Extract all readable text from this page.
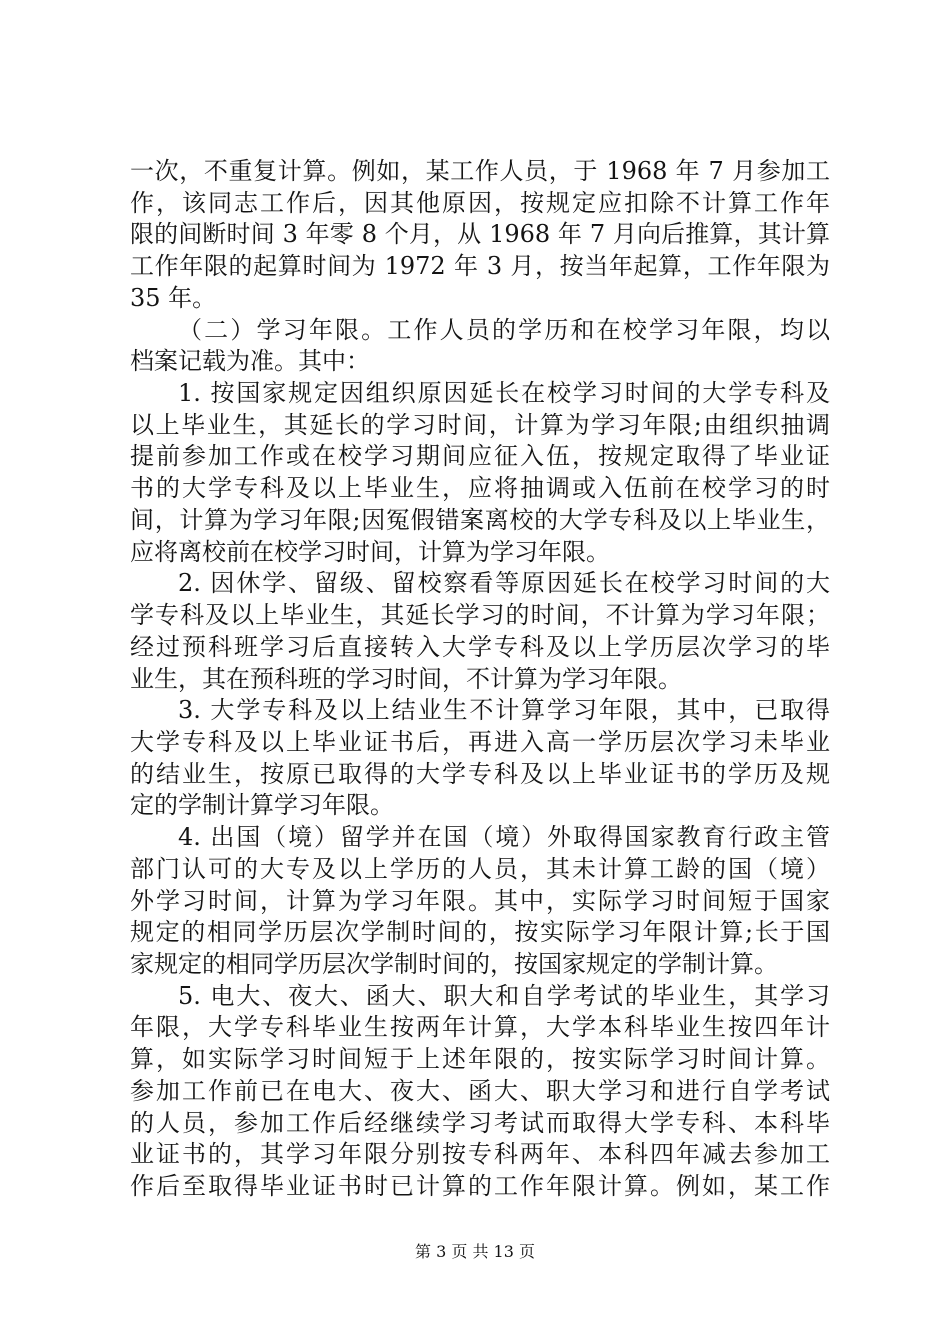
一次，不重复计算。例如，某工作人员，于 1968 年 7 月参加工
作，该同志工作后，因其他原因，按规定应扣除不计算工作年
限的间断时间 3 年零 8 个月，从 1968 年 7 月向后推算，其计算
工作年限的起算时间为 1972 年 3 月，按当年起算，工作年限为
35 年。
（二）学习年限。工作人员的学历和在校学习年限，均以
档案记载为准。其中：
1. 按国家规定因组织原因延长在校学习时间的大学专科及
以上毕业生，其延长的学习时间，计算为学习年限;由组织抽调
提前参加工作或在校学习期间应征入伍，按规定取得了毕业证
书的大学专科及以上毕业生，应将抽调或入伍前在校学习的时
间，计算为学习年限;因冤假错案离校的大学专科及以上毕业生，
应将离校前在校学习时间，计算为学习年限。
2. 因休学、留级、留校察看等原因延长在校学习时间的大
学专科及以上毕业生，其延长学习的时间，不计算为学习年限；
经过预科班学习后直接转入大学专科及以上学历层次学习的毕
业生，其在预科班的学习时间，不计算为学习年限。
3. 大学专科及以上结业生不计算学习年限，其中，已取得
大学专科及以上毕业证书后，再进入高一学历层次学习未毕业
的结业生，按原已取得的大学专科及以上毕业证书的学历及规
定的学制计算学习年限。
4. 出国（境）留学并在国（境）外取得国家教育行政主管
部门认可的大专及以上学历的人员，其未计算工龄的国（境）
外学习时间，计算为学习年限。其中，实际学习时间短于国家
规定的相同学历层次学制时间的，按实际学习年限计算;长于国
家规定的相同学历层次学制时间的，按国家规定的学制计算。
5. 电大、夜大、函大、职大和自学考试的毕业生，其学习
年限，大学专科毕业生按两年计算，大学本科毕业生按四年计
算，如实际学习时间短于上述年限的，按实际学习时间计算。
参加工作前已在电大、夜大、函大、职大学习和进行自学考试
的人员，参加工作后经继续学习考试而取得大学专科、本科毕
业证书的，其学习年限分别按专科两年、本科四年减去参加工
作后至取得毕业证书时已计算的工作年限计算。例如，某工作
第 3 页 共 13 页
